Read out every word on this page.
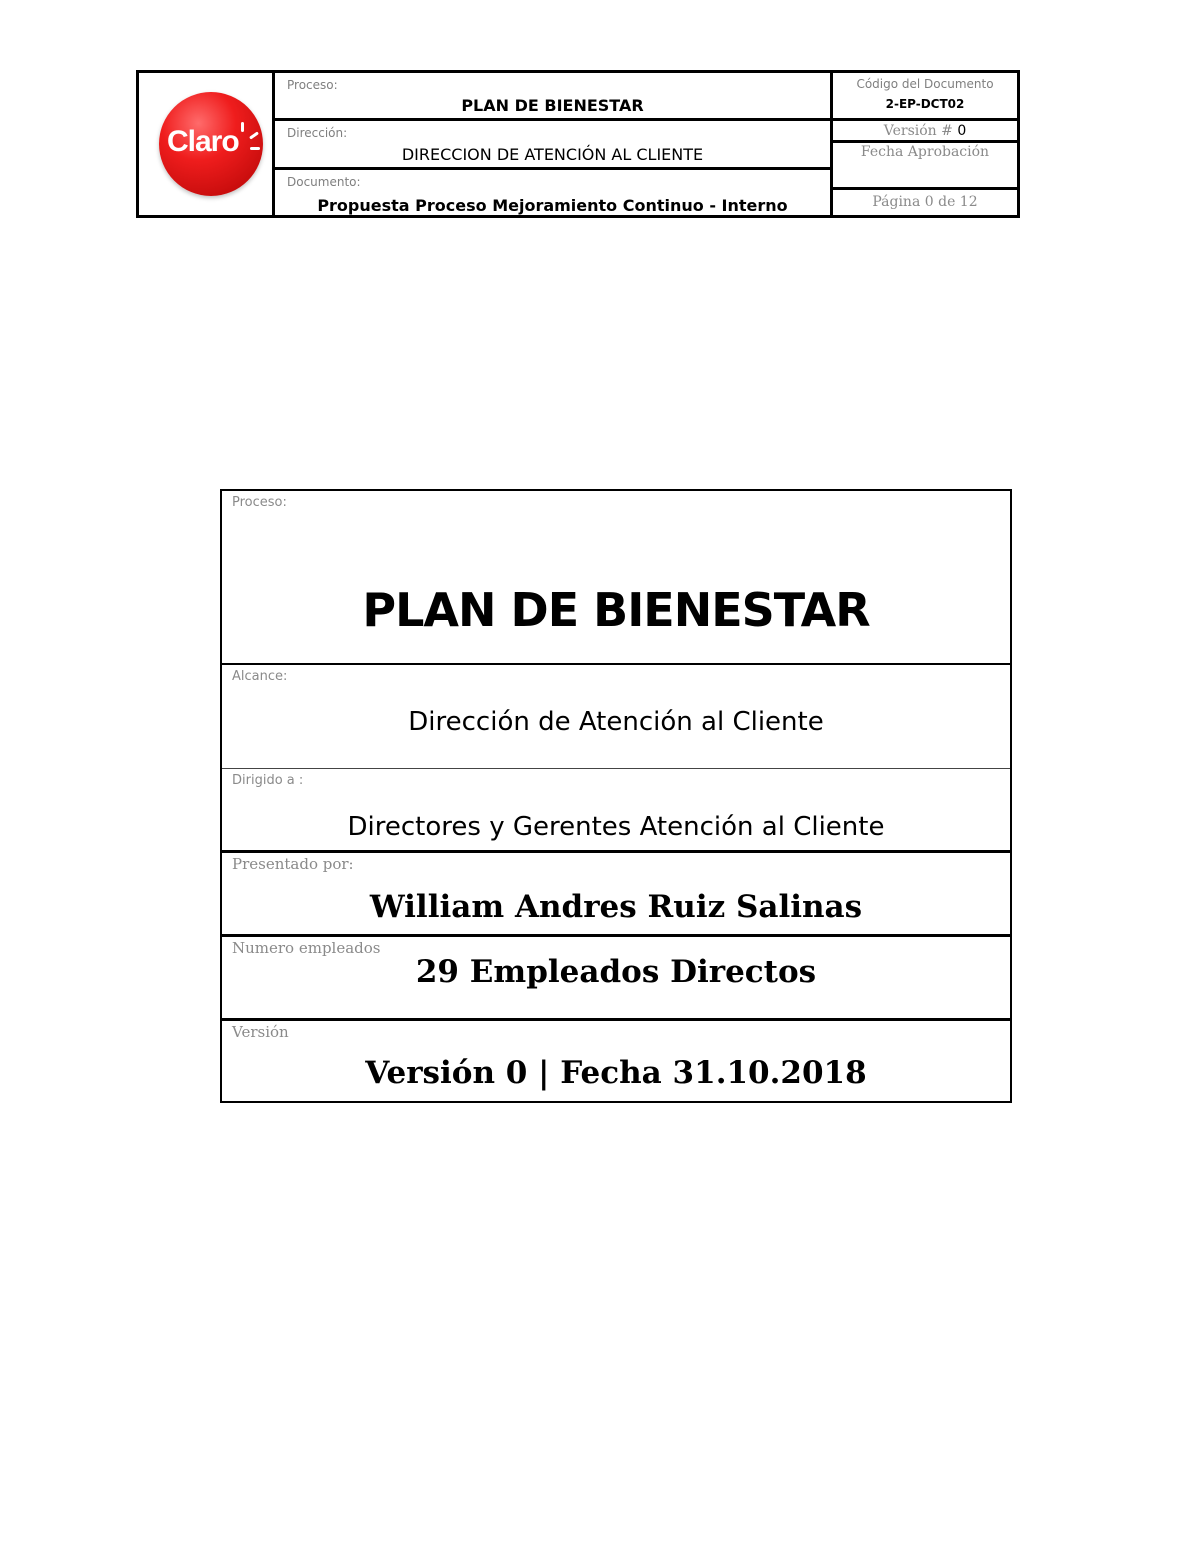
Claro
Proceso:
PLAN DE BIENESTAR
Dirección:
DIRECCION DE ATENCIÓN AL CLIENTE
Documento:
Propuesta Proceso Mejoramiento Continuo - Interno
Código del Documento
2-EP-DCT02
Versión # 0
Fecha Aprobación
Página 0 de 12
Proceso:
PLAN DE BIENESTAR
Alcance:
Dirección de Atención al Cliente
Dirigido a :
Directores y Gerentes Atención al Cliente
Presentado por:
William Andres Ruiz Salinas
Numero empleados
29 Empleados Directos
Versión
Versión 0 | Fecha 31.10.2018
